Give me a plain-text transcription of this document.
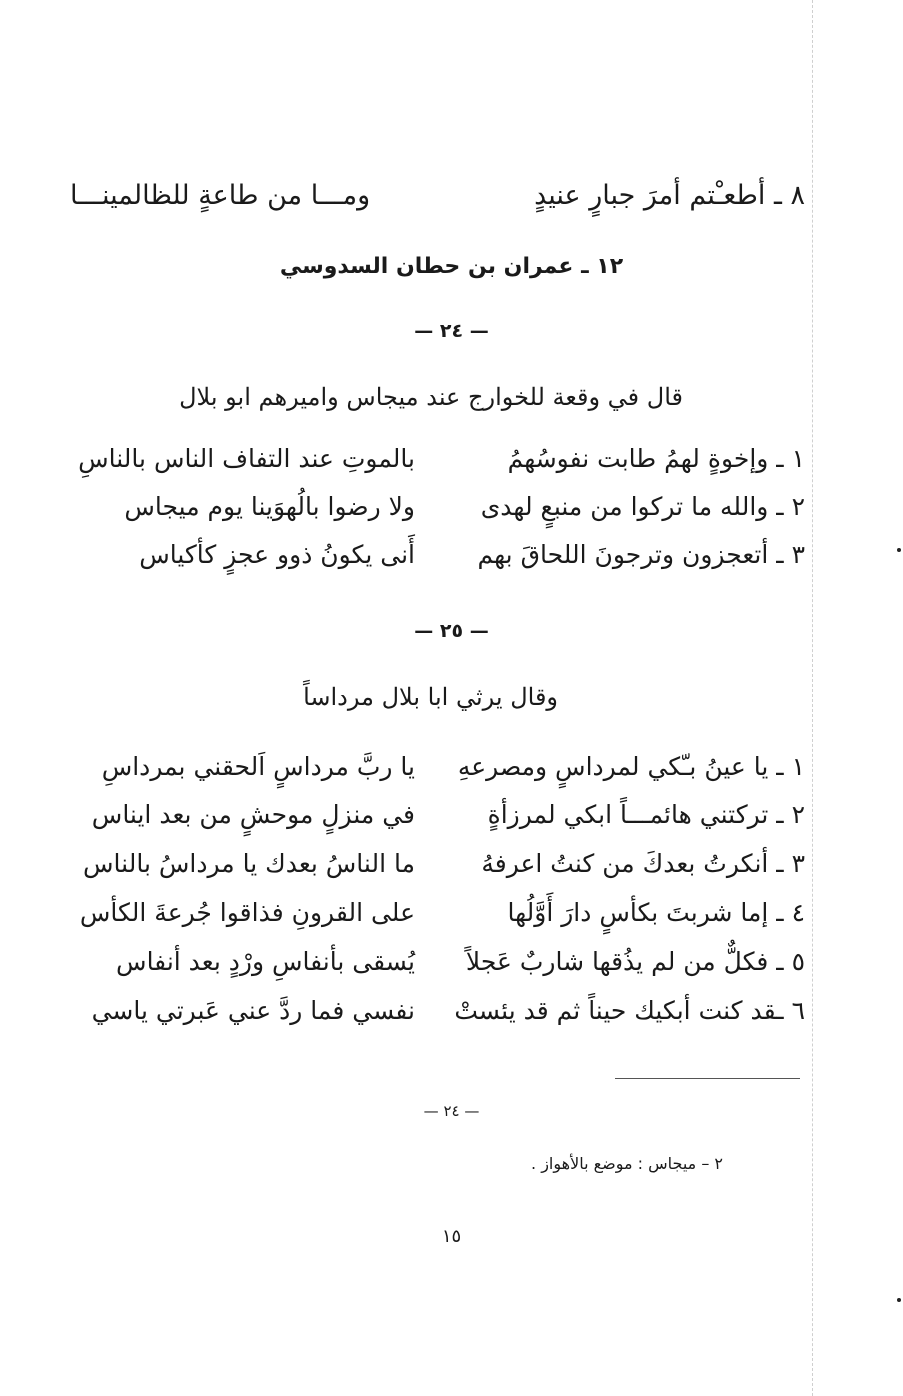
٨ ـ أطعـْتم أمرَ جبارٍ عنيدٍ
ومـــا من طاعةٍ للظالمينـــا
١٢ ـ عمران بن حطان السدوسي
— ٢٤ —
قال في وقعة للخوارج عند ميجاس واميرهم ابو بلال
١ ـ وإخوةٍ لهمُ طابت نفوسُهمُ
بالموتِ عند التفاف الناس بالناسِ
٢ ـ والله ما تركوا من منبعٍ لهدى
ولا رضوا بالُهوَينا يوم ميجاس
٣ ـ أتعجزون وترجونَ اللحاقَ بهم
أَنى يكونُ ذوو عجزٍ كأكياس
— ٢٥ —
وقال يرثي ابا بلال مرداساً
١ ـ يا عينُ بـّكي لمرداسٍ ومصرعهِ
يا ربَّ مرداسٍ اَلحقني بمرداسِ
٢ ـ تركتني هائمـــاً ابكي لمرزأةٍ
في منزلٍ موحشٍ من بعد ايناس
٣ ـ أنكرتُ بعدكَ من كنتُ اعرفهُ
ما الناسُ بعدك يا مرداسُ بالناس
٤ ـ إما شربتَ بكأسٍ دارَ أَوَّلُها
على القرونِ فذاقوا جُرعةَ الكأس
٥ ـ فكلٌّ من لم يذُقها شاربٌ عَجلاً
يُسقى بأنفاسِ ورْدٍ بعد أنفاس
٦ ـقد كنت أبكيك حيناً ثم قد يئستْ
نفسي فما ردَّ عني عَبرتي ياسي
— ٢٤ —
٢ – ميجاس : موضع بالأهواز .
١٥
